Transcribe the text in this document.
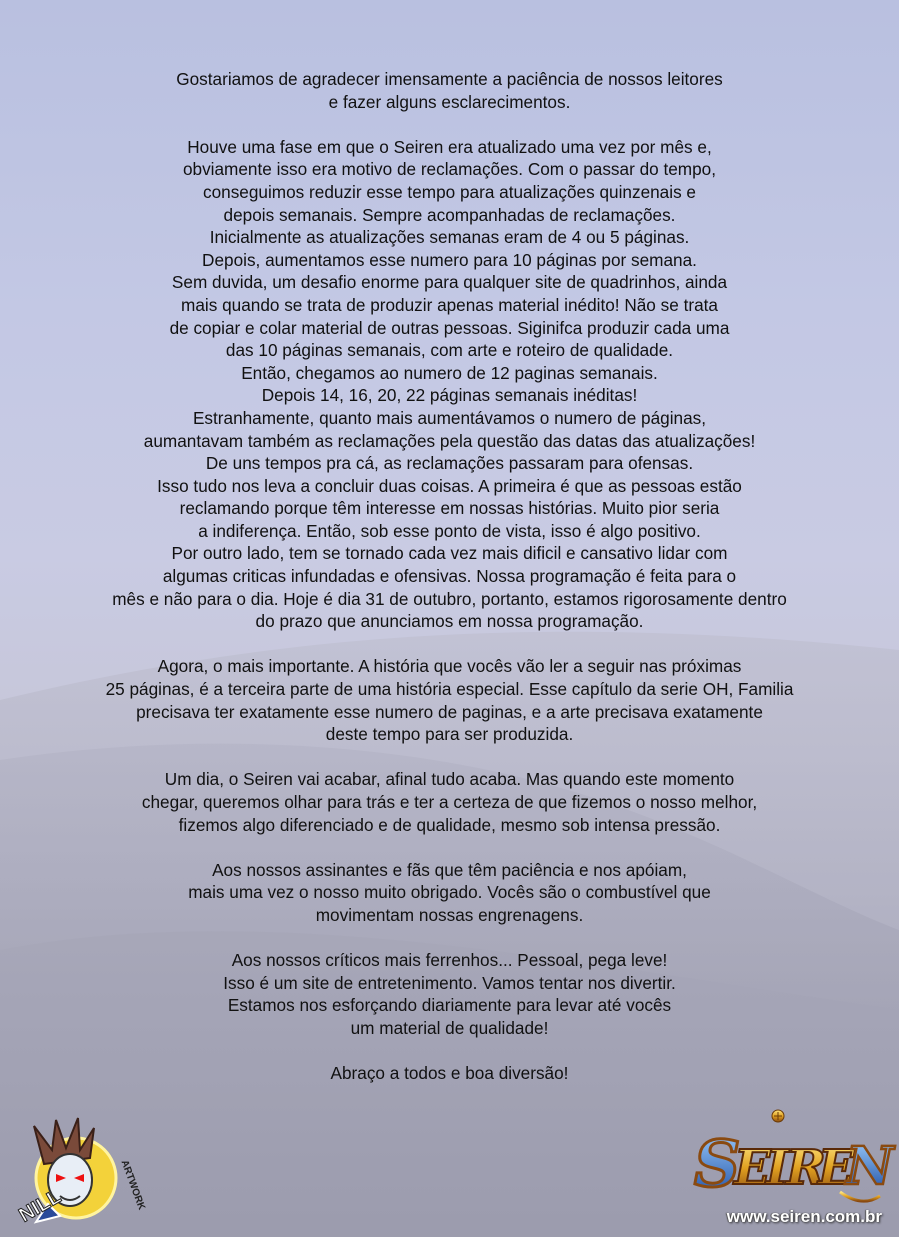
Gostariamos de agradecer imensamente a paciência de nossos leitores
e fazer alguns esclarecimentos.

Houve uma fase em que o Seiren era atualizado uma vez por mês e,
obviamente isso era motivo de reclamações. Com o passar do tempo,
conseguimos reduzir esse tempo para atualizações quinzenais e
depois semanais. Sempre acompanhadas de reclamações.
Inicialmente as atualizações semanas eram de 4 ou 5 páginas.
Depois, aumentamos esse numero para 10 páginas por semana.
Sem duvida, um desafio enorme para qualquer site de quadrinhos, ainda
mais quando se trata de produzir apenas material inédito! Não se trata
de copiar e colar material de outras pessoas. Siginifca produzir cada uma
das 10 páginas semanais, com arte e roteiro de qualidade.
Então, chegamos ao numero de 12 paginas semanais.
Depois 14, 16, 20, 22 páginas semanais inéditas!
Estranhamente, quanto mais aumentávamos o numero de páginas,
aumantavam também as reclamações pela questão das datas das atualizações!
De uns tempos pra cá, as reclamações passaram para ofensas.
Isso tudo nos leva a concluir duas coisas. A primeira é que as pessoas estão
reclamando porque têm interesse em nossas histórias. Muito pior seria
a indiferença. Então, sob esse ponto de vista, isso é algo positivo.
Por outro lado, tem se tornado cada vez mais dificil e cansativo lidar com
algumas criticas infundadas e ofensivas. Nossa programação é feita para o
mês e não para o dia. Hoje é dia 31 de outubro, portanto, estamos rigorosamente dentro
do prazo que anunciamos em nossa programação.

Agora, o mais importante. A história que vocês vão ler a seguir nas próximas
25 páginas, é a terceira parte de uma história especial. Esse capítulo da serie OH, Familia
precisava ter exatamente esse numero de paginas, e a arte precisava exatamente
deste tempo para ser produzida.

Um dia, o Seiren vai acabar, afinal tudo acaba. Mas quando este momento
chegar, queremos olhar para trás e ter a certeza de que fizemos o nosso melhor,
fizemos algo diferenciado e de qualidade, mesmo sob intensa pressão.

Aos nossos assinantes e fãs que têm paciência e nos apóiam,
mais uma vez o nosso muito obrigado. Vocês são o combustível que
movimentam nossas engrenagens.

Aos nossos críticos mais ferrenhos... Pessoal, pega leve!
Isso é um site de entretenimento. Vamos tentar nos divertir.
Estamos nos esforçando diariamente para levar até vocês
um material de qualidade!

Abraço a todos e boa diversão!

NILL	ARTWORK	S
E
I
R
E
N
www.seiren.com.br
